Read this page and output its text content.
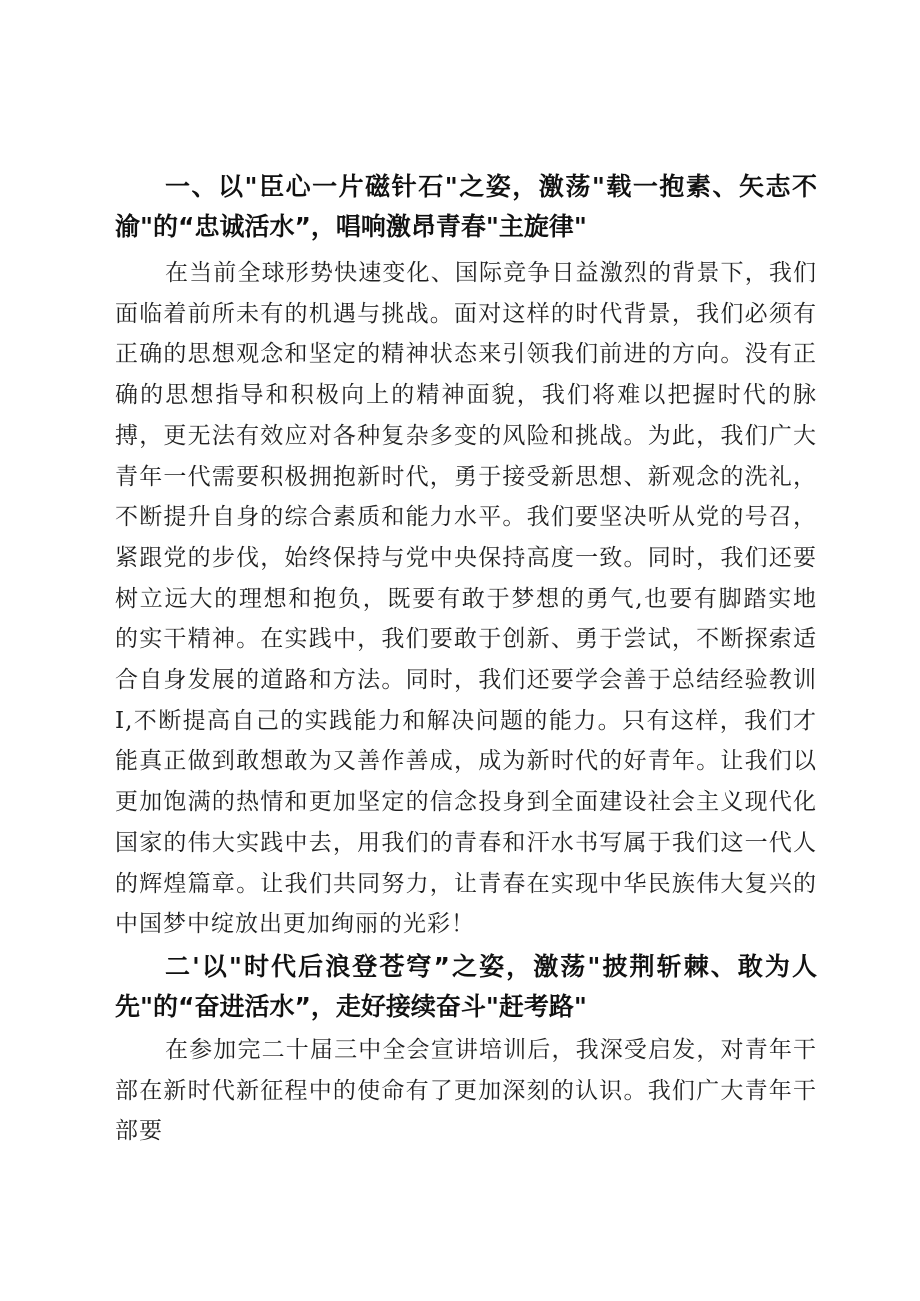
一、以"臣心一片磁针石"之姿，激荡"载一抱素、矢志不渝"的“忠诚活水”，唱响激昂青春"主旋律"

在当前全球形势快速变化、国际竞争日益激烈的背景下，我们面临着前所未有的机遇与挑战。面对这样的时代背景，我们必须有正确的思想观念和坚定的精神状态来引领我们前进的方向。没有正确的思想指导和积极向上的精神面貌，我们将难以把握时代的脉搏，更无法有效应对各种复杂多变的风险和挑战。为此，我们广大青年一代需要积极拥抱新时代，勇于接受新思想、新观念的洗礼，不断提升自身的综合素质和能力水平。我们要坚决听从党的号召，紧跟党的步伐，始终保持与党中央保持高度一致。同时，我们还要树立远大的理想和抱负，既要有敢于梦想的勇气,也要有脚踏实地的实干精神。在实践中，我们要敢于创新、勇于尝试，不断探索适合自身发展的道路和方法。同时，我们还要学会善于总结经验教训I,不断提高自己的实践能力和解决问题的能力。只有这样，我们才能真正做到敢想敢为又善作善成，成为新时代的好青年。让我们以更加饱满的热情和更加坚定的信念投身到全面建设社会主义现代化国家的伟大实践中去，用我们的青春和汗水书写属于我们这一代人的辉煌篇章。让我们共同努力，让青春在实现中华民族伟大复兴的中国梦中绽放出更加绚丽的光彩！

二'以"时代后浪登苍穹”之姿，激荡"披荆斩棘、敢为人先"的“奋进活水”，走好接续奋斗"赶考路"

在参加完二十届三中全会宣讲培训后，我深受启发，对青年干部在新时代新征程中的使命有了更加深刻的认识。我们广大青年干部要
